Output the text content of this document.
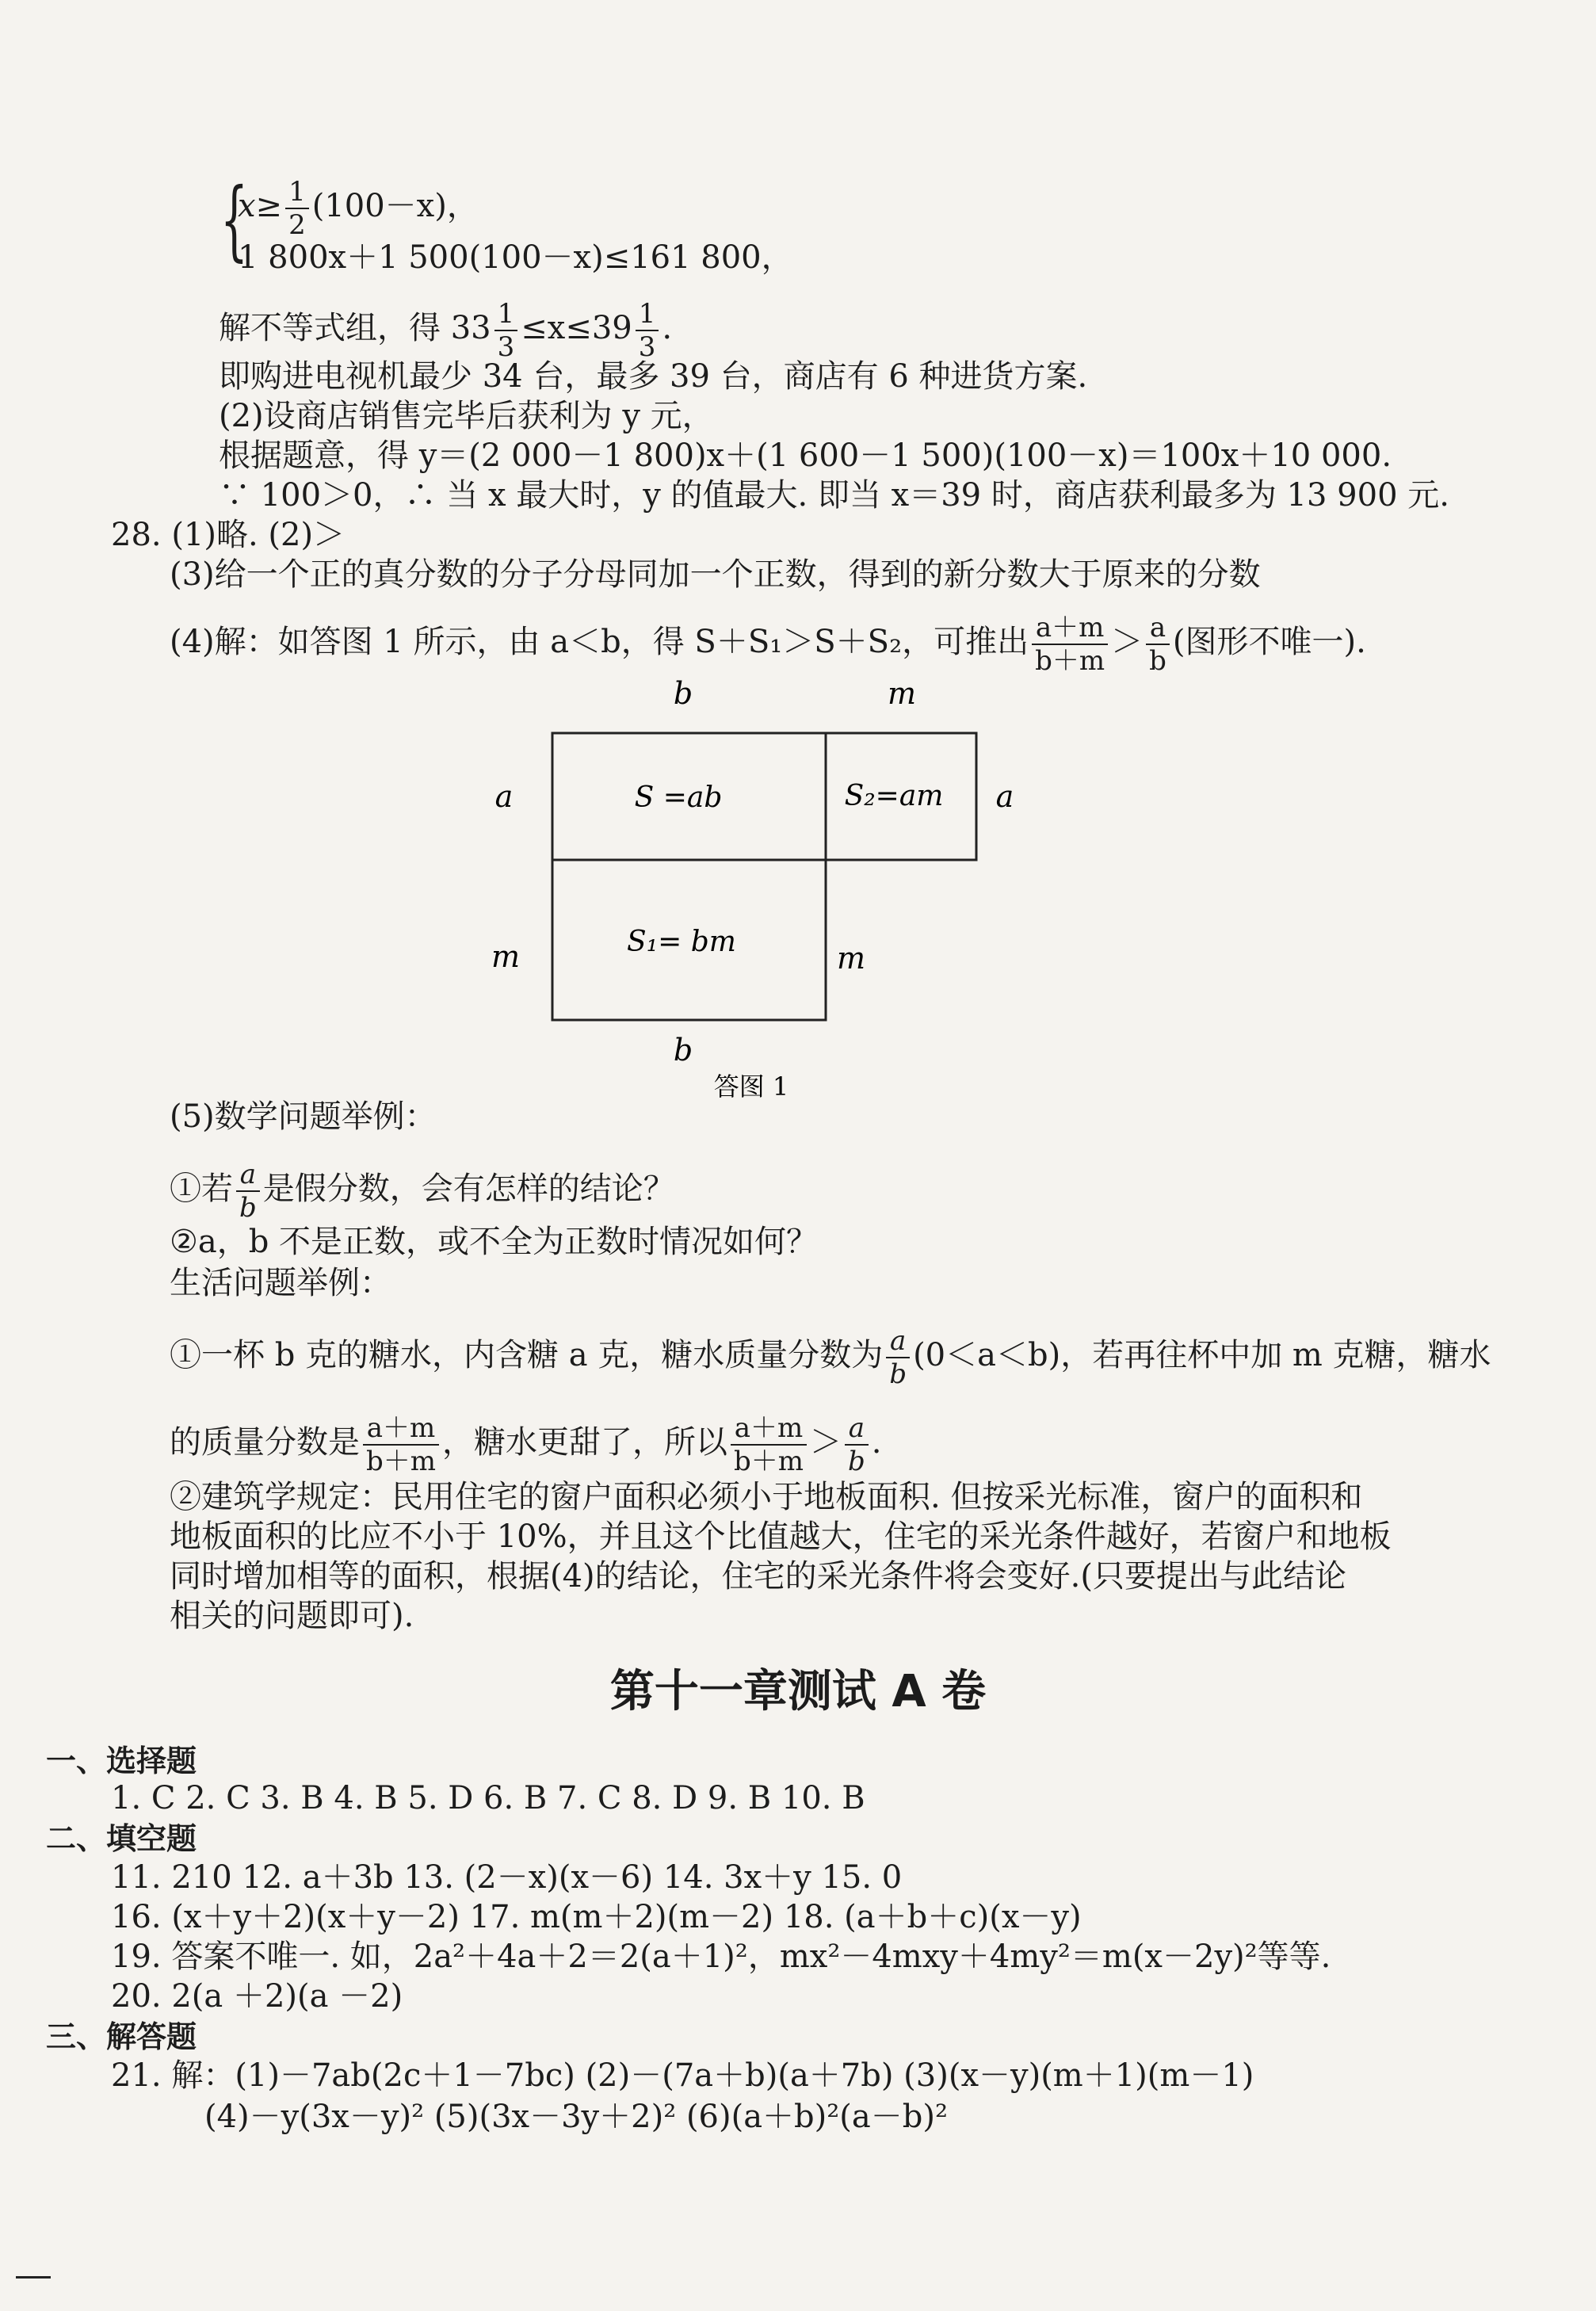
{
$x\ge \frac{1}{2} (100-x)$，
1 800x＋1 500(100－x)≤161 800，
解不等式组，得 $33 \frac{1}{3} \le x\le 39 \frac{1}{3}$ .
即购进电视机最少 34 台，最多 39 台，商店有 6 种进货方案.
(2)设商店销售完毕后获利为 y 元，
根据题意，得 y＝(2 000－1 800)x＋(1 600－1 500)(100－x)＝100x＋10 000.
∵ 100＞0，∴ 当 x 最大时，y 的值最大. 即当 x＝39 时，商店获利最多为 13 900 元.
28. (1)略. (2)＞
(3)给一个正的真分数的分子分母同加一个正数，得到的新分数大于原来的分数
(4)解：如答图 1 所示，由 a＜b，得 S＋S₁＞S＋S₂，可推出 $\frac{a+m}{b+m} > \frac{a}{b}$ (图形不唯一).
b	m
a	a
m	m
b
S =ab	S₂=am
S₁= bm
答图 1
(5)数学问题举例：
①若 $\frac{a}{b}$ 是假分数，会有怎样的结论？
②a，b 不是正数，或不全为正数时情况如何？
生活问题举例：
①一杯 b 克的糖水，内含糖 a 克，糖水质量分数为 $\frac{a}{b} (0<a<b)$，若再往杯中加 m 克糖，糖水
的质量分数是 $\frac{a+m}{b+m}$ ，糖水更甜了，所以 $\frac{a+m}{b+m} > \frac{a}{b}$ .
②建筑学规定：民用住宅的窗户面积必须小于地板面积. 但按采光标准，窗户的面积和
地板面积的比应不小于 10%，并且这个比值越大，住宅的采光条件越好，若窗户和地板
同时增加相等的面积，根据(4)的结论，住宅的采光条件将会变好.(只要提出与此结论
相关的问题即可).
第十一章测试 A 卷
一、选择题
1. C 2. C 3. B 4. B 5. D 6. B 7. C 8. D 9. B 10. B
二、填空题
11. 210 12. a＋3b 13. (2－x)(x－6) 14. 3x＋y 15. 0
16. (x＋y＋2)(x＋y－2) 17. m(m＋2)(m－2) 18. (a＋b＋c)(x－y)
19. 答案不唯一. 如，2a²＋4a＋2＝2(a＋1)²，mx²－4mxy＋4my²＝m(x－2y)²等等.
20. 2(a ＋2)(a －2)
三、解答题
21. 解：(1)－7ab(2c＋1－7bc) (2)－(7a＋b)(a＋7b) (3)(x－y)(m＋1)(m－1)
(4)－y(3x－y)² (5)(3x－3y＋2)² (6)(a＋b)²(a－b)²
